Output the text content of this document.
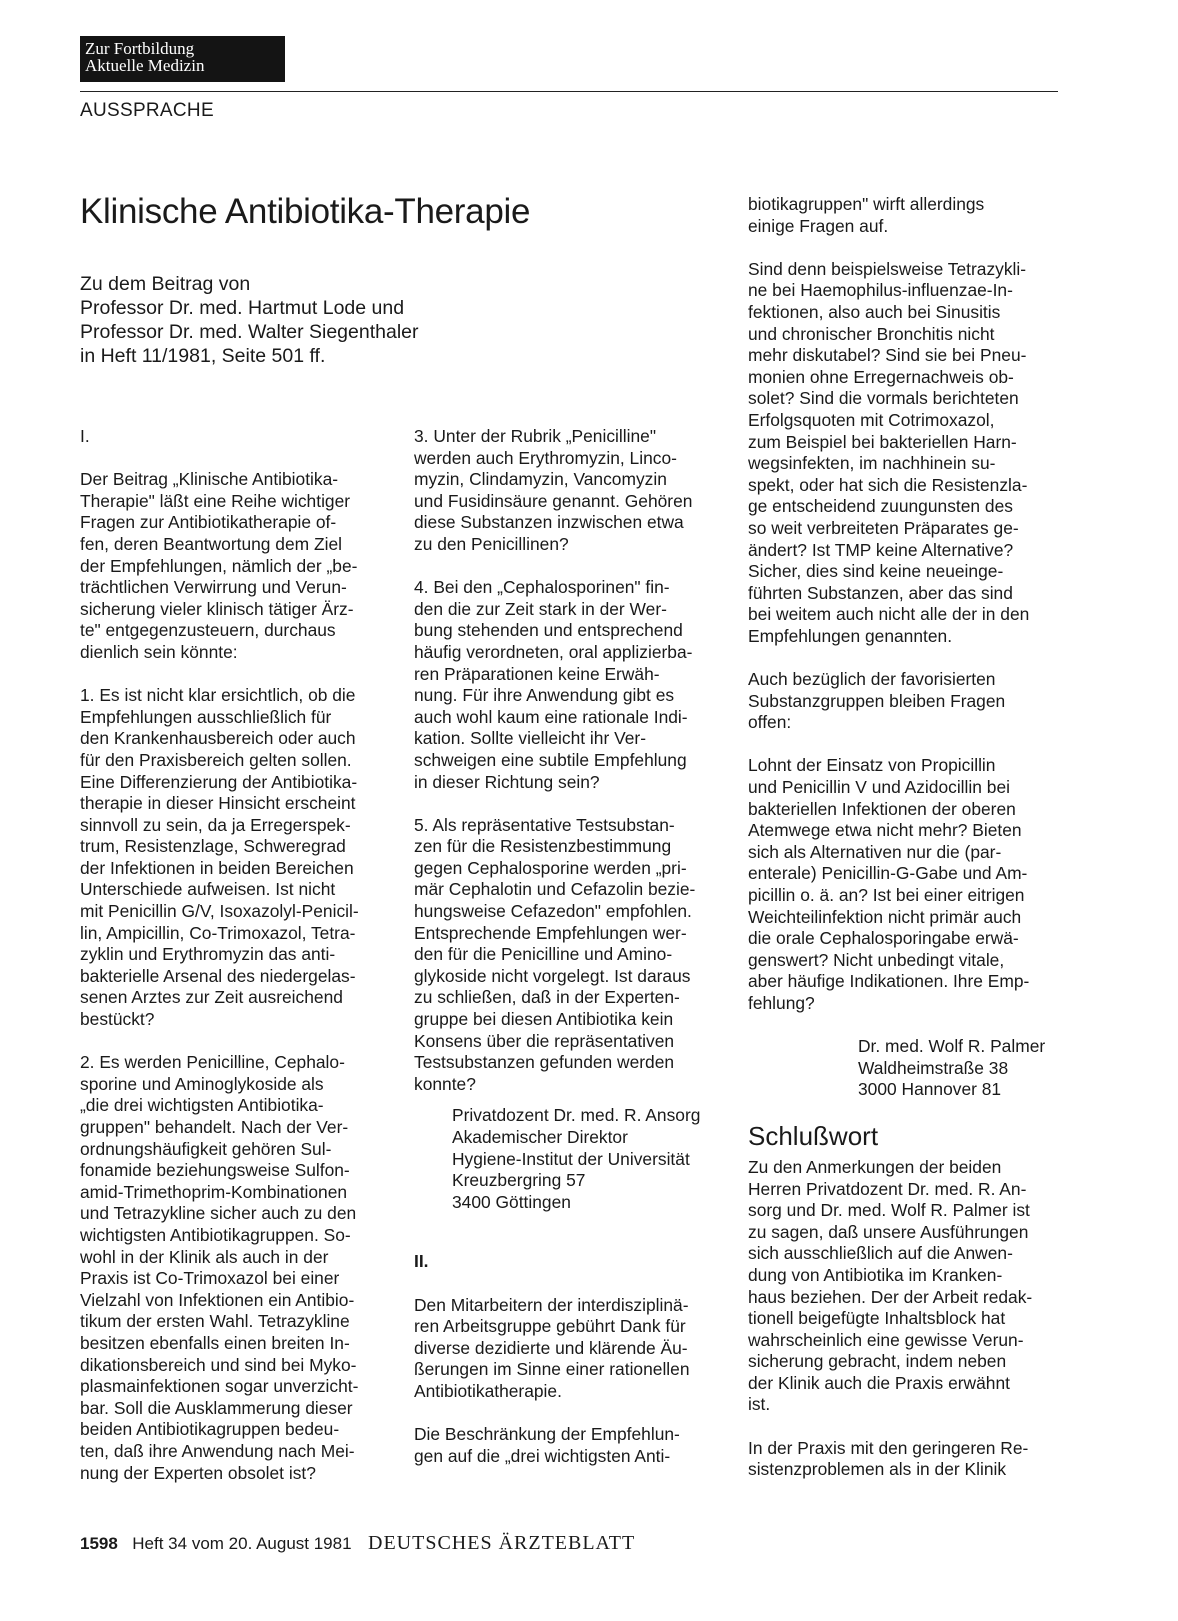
Zur Fortbildung
Aktuelle Medizin
AUSSPRACHE
Klinische Antibiotika-Therapie
Zu dem Beitrag von
Professor Dr. med. Hartmut Lode und
Professor Dr. med. Walter Siegenthaler
in Heft 11/1981, Seite 501 ff.

I.

Der Beitrag „Klinische Antibiotika-
Therapie" läßt eine Reihe wichtiger
Fragen zur Antibiotikatherapie of-
fen, deren Beantwortung dem Ziel
der Empfehlungen, nämlich der „be-
trächtlichen Verwirrung und Verun-
sicherung vieler klinisch tätiger Ärz-
te" entgegenzusteuern, durchaus
dienlich sein könnte:

1. Es ist nicht klar ersichtlich, ob die
Empfehlungen ausschließlich für
den Krankenhausbereich oder auch
für den Praxisbereich gelten sollen.
Eine Differenzierung der Antibiotika-
therapie in dieser Hinsicht erscheint
sinnvoll zu sein, da ja Erregerspek-
trum, Resistenzlage, Schweregrad
der Infektionen in beiden Bereichen
Unterschiede aufweisen. Ist nicht
mit Penicillin G/V, Isoxazolyl-Penicil-
lin, Ampicillin, Co-Trimoxazol, Tetra-
zyklin und Erythromyzin das anti-
bakterielle Arsenal des niedergelas-
senen Arztes zur Zeit ausreichend
bestückt?

2. Es werden Penicilline, Cephalo-
sporine und Aminoglykoside als
„die drei wichtigsten Antibiotika-
gruppen" behandelt. Nach der Ver-
ordnungshäufigkeit gehören Sul-
fonamide beziehungsweise Sulfon-
amid-Trimethoprim-Kombinationen
und Tetrazykline sicher auch zu den
wichtigsten Antibiotikagruppen. So-
wohl in der Klinik als auch in der
Praxis ist Co-Trimoxazol bei einer
Vielzahl von Infektionen ein Antibio-
tikum der ersten Wahl. Tetrazykline
besitzen ebenfalls einen breiten In-
dikationsbereich und sind bei Myko-
plasmainfektionen sogar unverzicht-
bar. Soll die Ausklammerung dieser
beiden Antibiotikagruppen bedeu-
ten, daß ihre Anwendung nach Mei-
nung der Experten obsolet ist?

3. Unter der Rubrik „Penicilline"
werden auch Erythromyzin, Linco-
myzin, Clindamyzin, Vancomyzin
und Fusidinsäure genannt. Gehören
diese Substanzen inzwischen etwa
zu den Penicillinen?

4. Bei den „Cephalosporinen" fin-
den die zur Zeit stark in der Wer-
bung stehenden und entsprechend
häufig verordneten, oral applizierba-
ren Präparationen keine Erwäh-
nung. Für ihre Anwendung gibt es
auch wohl kaum eine rationale Indi-
kation. Sollte vielleicht ihr Ver-
schweigen eine subtile Empfehlung
in dieser Richtung sein?

5. Als repräsentative Testsubstan-
zen für die Resistenzbestimmung
gegen Cephalosporine werden „pri-
mär Cephalotin und Cefazolin bezie-
hungsweise Cefazedon" empfohlen.
Entsprechende Empfehlungen wer-
den für die Penicilline und Amino-
glykoside nicht vorgelegt. Ist daraus
zu schließen, daß in der Experten-
gruppe bei diesen Antibiotika kein
Konsens über die repräsentativen
Testsubstanzen gefunden werden
konnte?

Privatdozent Dr. med. R. Ansorg
Akademischer Direktor
Hygiene-Institut der Universität
Kreuzbergring 57
3400 Göttingen

II.

Den Mitarbeitern der interdisziplinä-
ren Arbeitsgruppe gebührt Dank für
diverse dezidierte und klärende Äu-
ßerungen im Sinne einer rationellen
Antibiotikatherapie.

Die Beschränkung der Empfehlun-
gen auf die „drei wichtigsten Anti-

biotikagruppen" wirft allerdings
einige Fragen auf.

Sind denn beispielsweise Tetrazykli-
ne bei Haemophilus-influenzae-In-
fektionen, also auch bei Sinusitis
und chronischer Bronchitis nicht
mehr diskutabel? Sind sie bei Pneu-
monien ohne Erregernachweis ob-
solet? Sind die vormals berichteten
Erfolgsquoten mit Cotrimoxazol,
zum Beispiel bei bakteriellen Harn-
wegsinfekten, im nachhinein su-
spekt, oder hat sich die Resistenzla-
ge entscheidend zuungunsten des
so weit verbreiteten Präparates ge-
ändert? Ist TMP keine Alternative?
Sicher, dies sind keine neueinge-
führten Substanzen, aber das sind
bei weitem auch nicht alle der in den
Empfehlungen genannten.

Auch bezüglich der favorisierten
Substanzgruppen bleiben Fragen
offen:

Lohnt der Einsatz von Propicillin
und Penicillin V und Azidocillin bei
bakteriellen Infektionen der oberen
Atemwege etwa nicht mehr? Bieten
sich als Alternativen nur die (par-
enterale) Penicillin-G-Gabe und Am-
picillin o. ä. an? Ist bei einer eitrigen
Weichteilinfektion nicht primär auch
die orale Cephalosporingabe erwä-
genswert? Nicht unbedingt vitale,
aber häufige Indikationen. Ihre Emp-
fehlung?

Dr. med. Wolf R. Palmer
Waldheimstraße 38
3000 Hannover 81

Schlußwort

Zu den Anmerkungen der beiden
Herren Privatdozent Dr. med. R. An-
sorg und Dr. med. Wolf R. Palmer ist
zu sagen, daß unsere Ausführungen
sich ausschließlich auf die Anwen-
dung von Antibiotika im Kranken-
haus beziehen. Der der Arbeit redak-
tionell beigefügte Inhaltsblock hat
wahrscheinlich eine gewisse Verun-
sicherung gebracht, indem neben
der Klinik auch die Praxis erwähnt
ist.

In der Praxis mit den geringeren Re-
sistenzproblemen als in der Klinik

1598 Heft 34 vom 20. August 1981 DEUTSCHES ÄRZTEBLATT
